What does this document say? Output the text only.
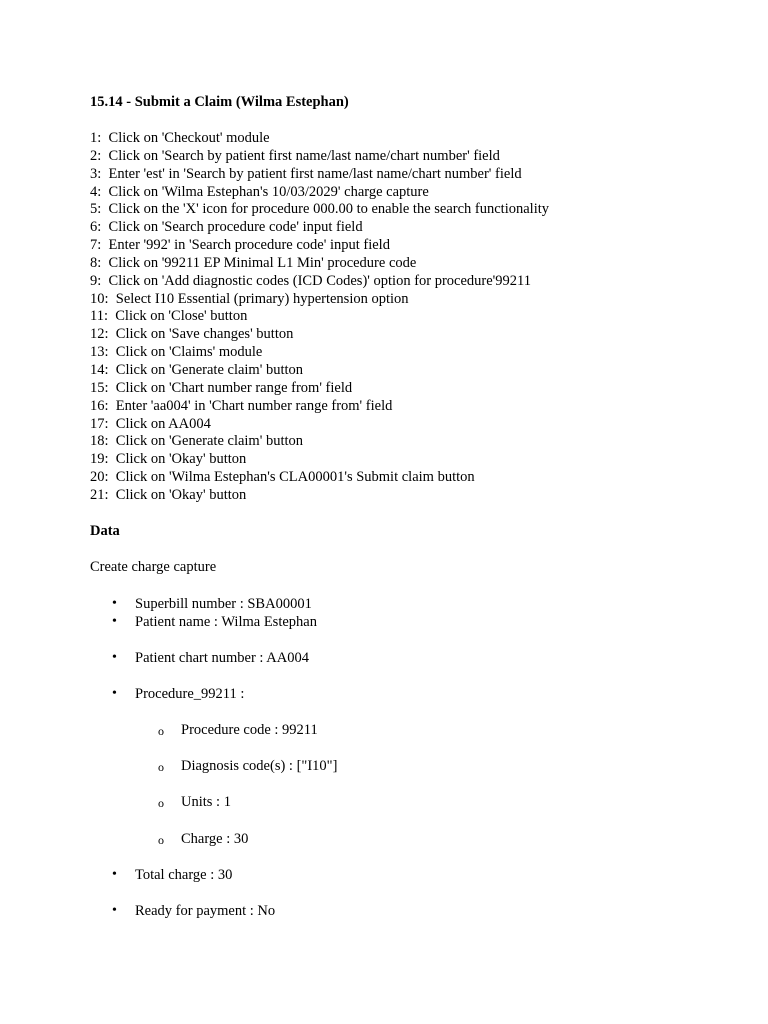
15.14 - Submit a Claim (Wilma Estephan)

1:  Click on 'Checkout' module
2:  Click on 'Search by patient first name/last name/chart number' field
3:  Enter 'est' in 'Search by patient first name/last name/chart number' field
4:  Click on 'Wilma Estephan's 10/03/2029' charge capture
5:  Click on the 'X' icon for procedure 000.00 to enable the search functionality
6:  Click on 'Search procedure code' input field
7:  Enter '992' in 'Search procedure code' input field
8:  Click on '99211 EP Minimal L1 Min' procedure code
9:  Click on 'Add diagnostic codes (ICD Codes)' option for procedure'99211
10:  Select I10 Essential (primary) hypertension option
11:  Click on 'Close' button
12:  Click on 'Save changes' button
13:  Click on 'Claims' module
14:  Click on 'Generate claim' button
15:  Click on 'Chart number range from' field
16:  Enter 'aa004' in 'Chart number range from' field
17:  Click on AA004
18:  Click on 'Generate claim' button
19:  Click on 'Okay' button
20:  Click on 'Wilma Estephan's CLA00001's Submit claim button
21:  Click on 'Okay' button

Data

Create charge capture

• Superbill number : SBA00001
• Patient name : Wilma Estephan
• Patient chart number : AA004
• Procedure_99211 :
o Procedure code : 99211
o Diagnosis code(s) : ["I10"]
o Units : 1
o Charge : 30
• Total charge : 30
• Ready for payment : No
